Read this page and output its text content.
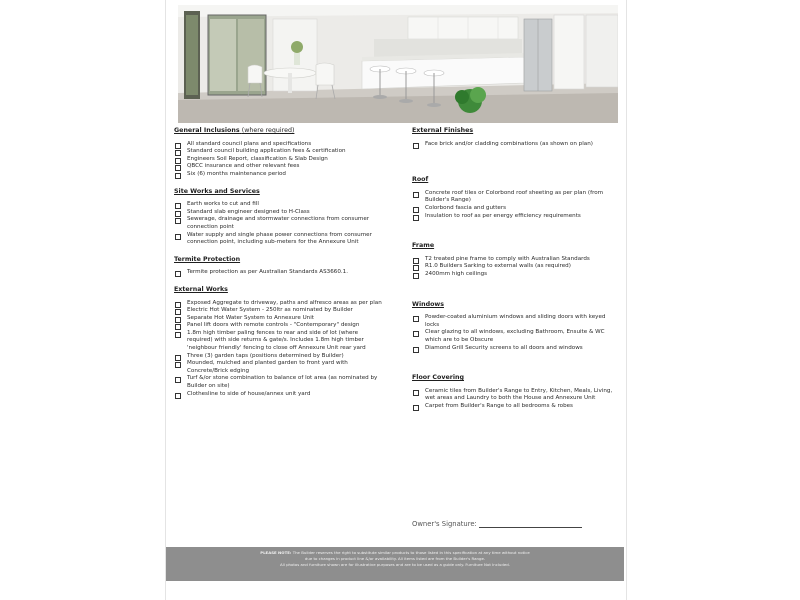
General Inclusions (where required)
All standard council plans and specifications
Standard council building application fees & certification
Engineers Soil Report, classification & Slab Design
QBCC insurance and other relevant fees
Six (6) months maintenance period
Site Works and Services
Earth works to cut and fill
Standard slab engineer designed to H-Class
Sewerage, drainage and stormwater connections from consumer connection point
Water supply and single phase power connections from consumer connection point, including sub-meters for the Annexure Unit
Termite Protection
Termite protection as per Australian Standards AS3660.1.
External Works
Exposed Aggregate to driveway, paths and alfresco areas as per plan
Electric Hot Water System - 250ltr as nominated by Builder
Separate Hot Water System to Annexure Unit
Panel lift doors with remote controls - "Contemporary" design
1.8m high timber paling fences to rear and side of lot (where required) with side returns & gate/s. Includes 1.8m high timber 'neighbour friendly' fencing to close off Annexure Unit rear yard
Three (3) garden taps (positions determined by Builder)
Mounded, mulched and planted garden to front yard with Concrete/Brick edging
Turf &/or stone combination to balance of lot area (as nominated by Builder on site)
Clothesline to side of house/annex unit yard
External Finishes
Face brick and/or cladding combinations (as shown on plan)
Roof
Concrete roof tiles or Colorbond roof sheeting as per plan (from Builder's Range)
Colorbond fascia and gutters
Insulation to roof as per energy efficiency requirements
Frame
T2 treated pine frame to comply with Australian Standards
R1.0 Builders Sarking to external walls (as required)
2400mm high ceilings
Windows
Powder-coated aluminium windows and sliding doors with keyed locks
Clear glazing to all windows, excluding Bathroom, Ensuite & WC which are to be Obscure
Diamond Grill Security screens to all doors and windows
Floor Covering
Ceramic tiles from Builder's Range to Entry, Kitchen, Meals, Living, wet areas and Laundry to both the House and Annexure Unit
Carpet from Builder's Range to all bedrooms & robes
Owner's Signature:
PLEASE NOTE: The Builder reserves the right to substitute similar products to those listed in this specification at any time without notice
due to changes in product line &/or availability. All items listed are from the Builder's Range.
All photos and furniture shown are for illustrative purposes and are to be used as a guide only. Furniture Not Included.
